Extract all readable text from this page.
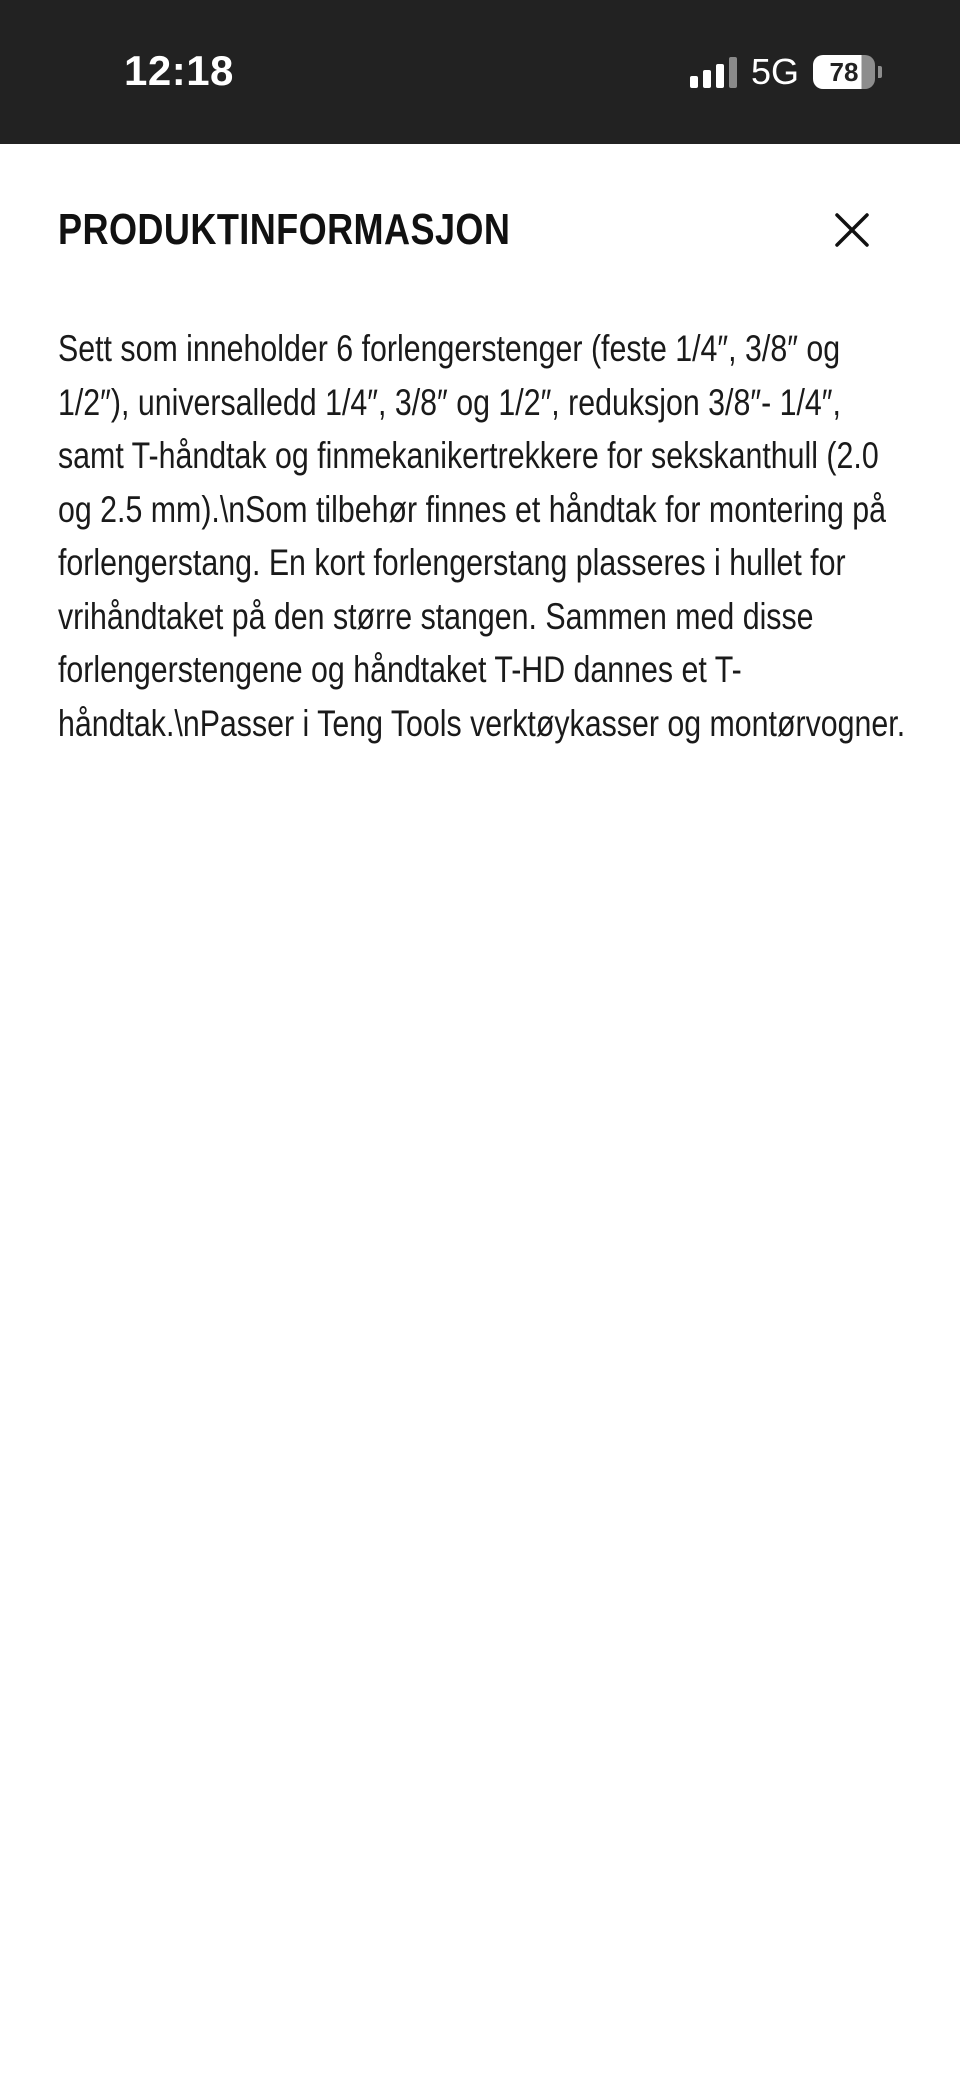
12:18	5G	78
PRODUKTINFORMASJON

Sett som inneholder 6 forlengerstenger (feste 1/4″, 3/8″ og 1/2″), universalledd 1/4″, 3/8″ og 1/2″, reduksjon 3/8″- 1/4″, samt T-håndtak og finmekanikertrekkere for sekskanthull (2.0 og 2.5 mm).\nSom tilbehør finnes et håndtak for montering på forlengerstang. En kort forlengerstang plasseres i hullet for vrihåndtaket på den større stangen. Sammen med disse forlengerstengene og håndtaket T-HD dannes et T-håndtak.\nPasser i Teng Tools verktøykasser og montørvogner.
